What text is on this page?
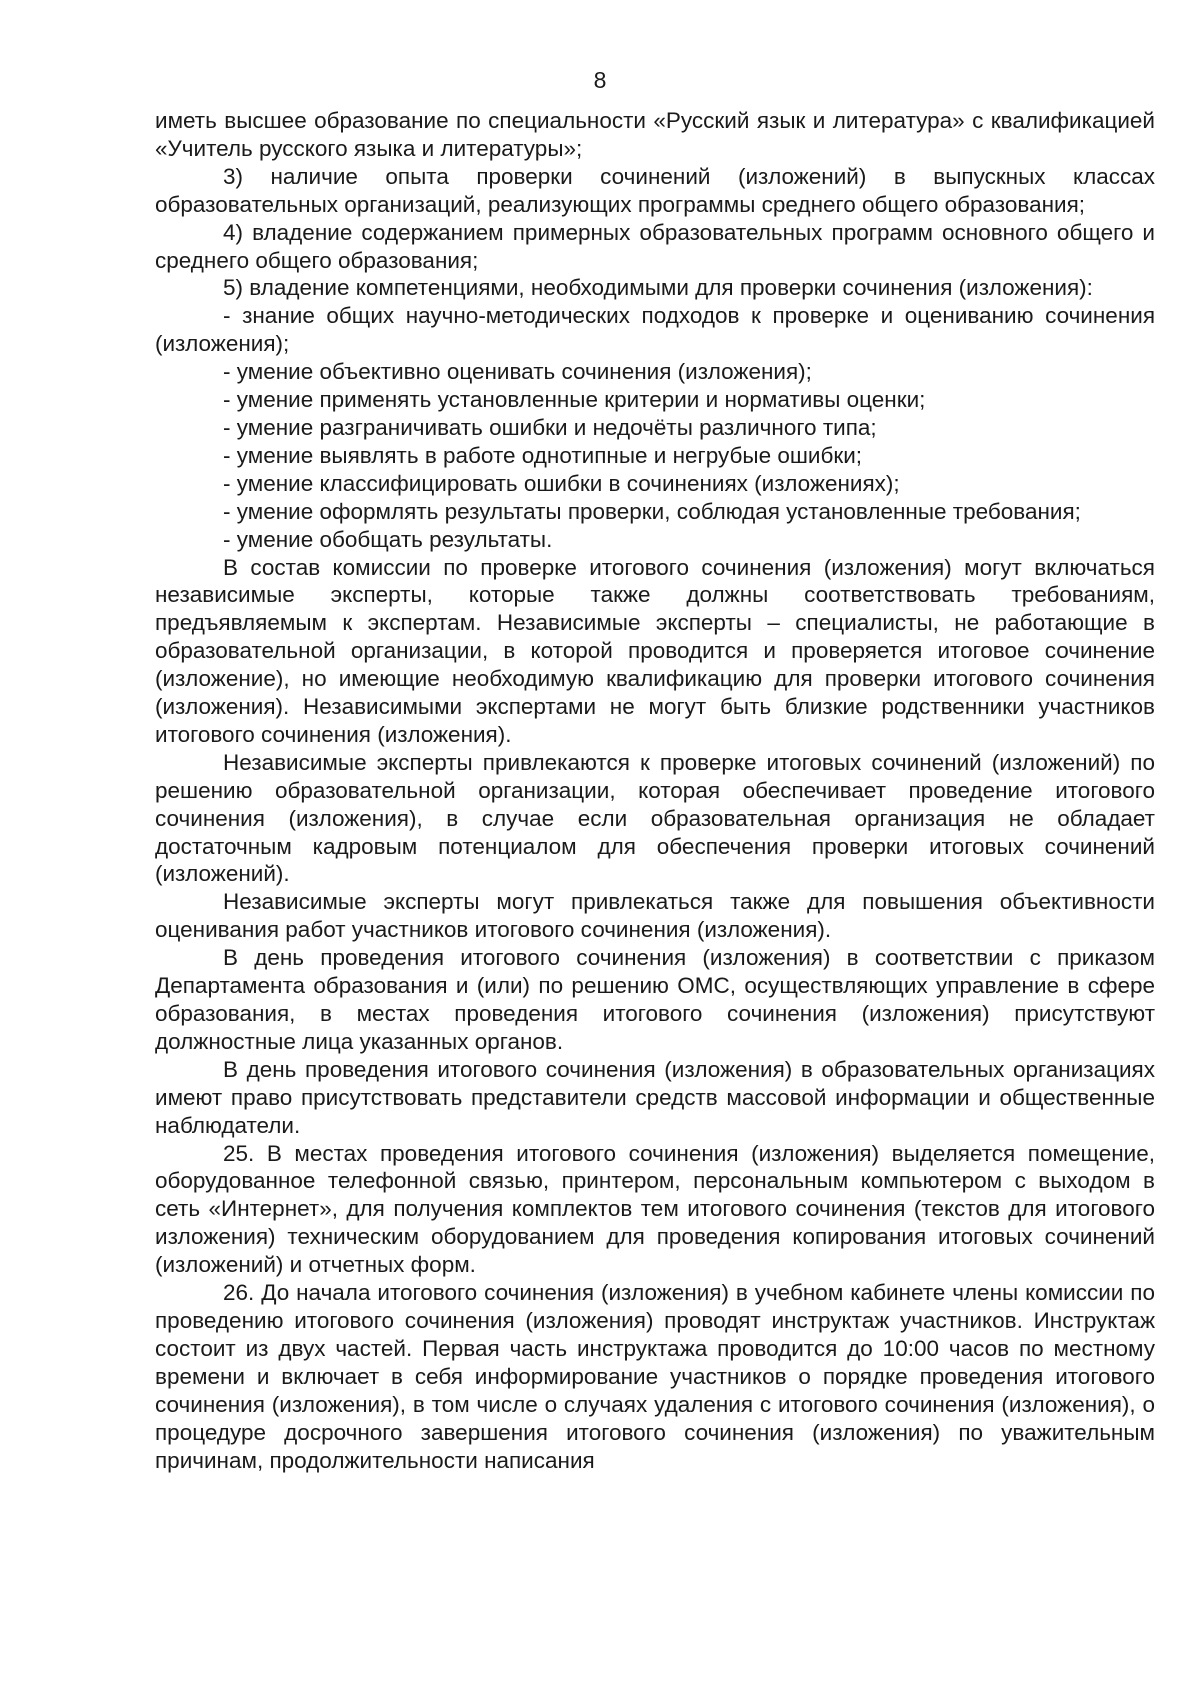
8

иметь высшее образование по специальности «Русский язык и литература» с квалификацией «Учитель русского языка и литературы»;

3) наличие опыта проверки сочинений (изложений) в выпускных классах образовательных организаций, реализующих программы среднего общего образования;

4) владение содержанием примерных образовательных программ основного общего и среднего общего образования;

5) владение компетенциями, необходимыми для проверки сочинения (изложения):

- знание общих научно-методических подходов к проверке и оцениванию сочинения (изложения);

- умение объективно оценивать сочинения (изложения);

- умение применять установленные критерии и нормативы оценки;

- умение разграничивать ошибки и недочёты различного типа;

- умение выявлять в работе однотипные и негрубые ошибки;

- умение классифицировать ошибки в сочинениях (изложениях);

- умение оформлять результаты проверки, соблюдая установленные требования;

- умение обобщать результаты.

В состав комиссии по проверке итогового сочинения (изложения) могут включаться независимые эксперты, которые также должны соответствовать требованиям, предъявляемым к экспертам. Независимые эксперты – специалисты, не работающие в образовательной организации, в которой проводится и проверяется итоговое сочинение (изложение), но имеющие необходимую квалификацию для проверки итогового сочинения (изложения). Независимыми экспертами не могут быть близкие родственники участников итогового сочинения (изложения).

Независимые эксперты привлекаются к проверке итоговых сочинений (изложений) по решению образовательной организации, которая обеспечивает проведение итогового сочинения (изложения), в случае если образовательная организация не обладает достаточным кадровым потенциалом для обеспечения проверки итоговых сочинений (изложений).

Независимые эксперты могут привлекаться также для повышения объективности оценивания работ участников итогового сочинения (изложения).

В день проведения итогового сочинения (изложения) в соответствии с приказом Департамента образования и (или) по решению ОМС, осуществляющих управление в сфере образования, в местах проведения итогового сочинения (изложения) присутствуют должностные лица указанных органов.

В день проведения итогового сочинения (изложения) в образовательных организациях имеют право присутствовать представители средств массовой информации и общественные наблюдатели.

25. В местах проведения итогового сочинения (изложения) выделяется помещение, оборудованное телефонной связью, принтером, персональным компьютером с выходом в сеть «Интернет», для получения комплектов тем итогового сочинения (текстов для итогового изложения) техническим оборудованием для проведения копирования итоговых сочинений (изложений) и отчетных форм.

26. До начала итогового сочинения (изложения) в учебном кабинете члены комиссии по проведению итогового сочинения (изложения) проводят инструктаж участников. Инструктаж состоит из двух частей. Первая часть инструктажа проводится до 10:00 часов по местному времени и включает в себя информирование участников о порядке проведения итогового сочинения (изложения), в том числе о случаях удаления с итогового сочинения (изложения), о процедуре досрочного завершения итогового сочинения (изложения) по уважительным причинам, продолжительности написания
